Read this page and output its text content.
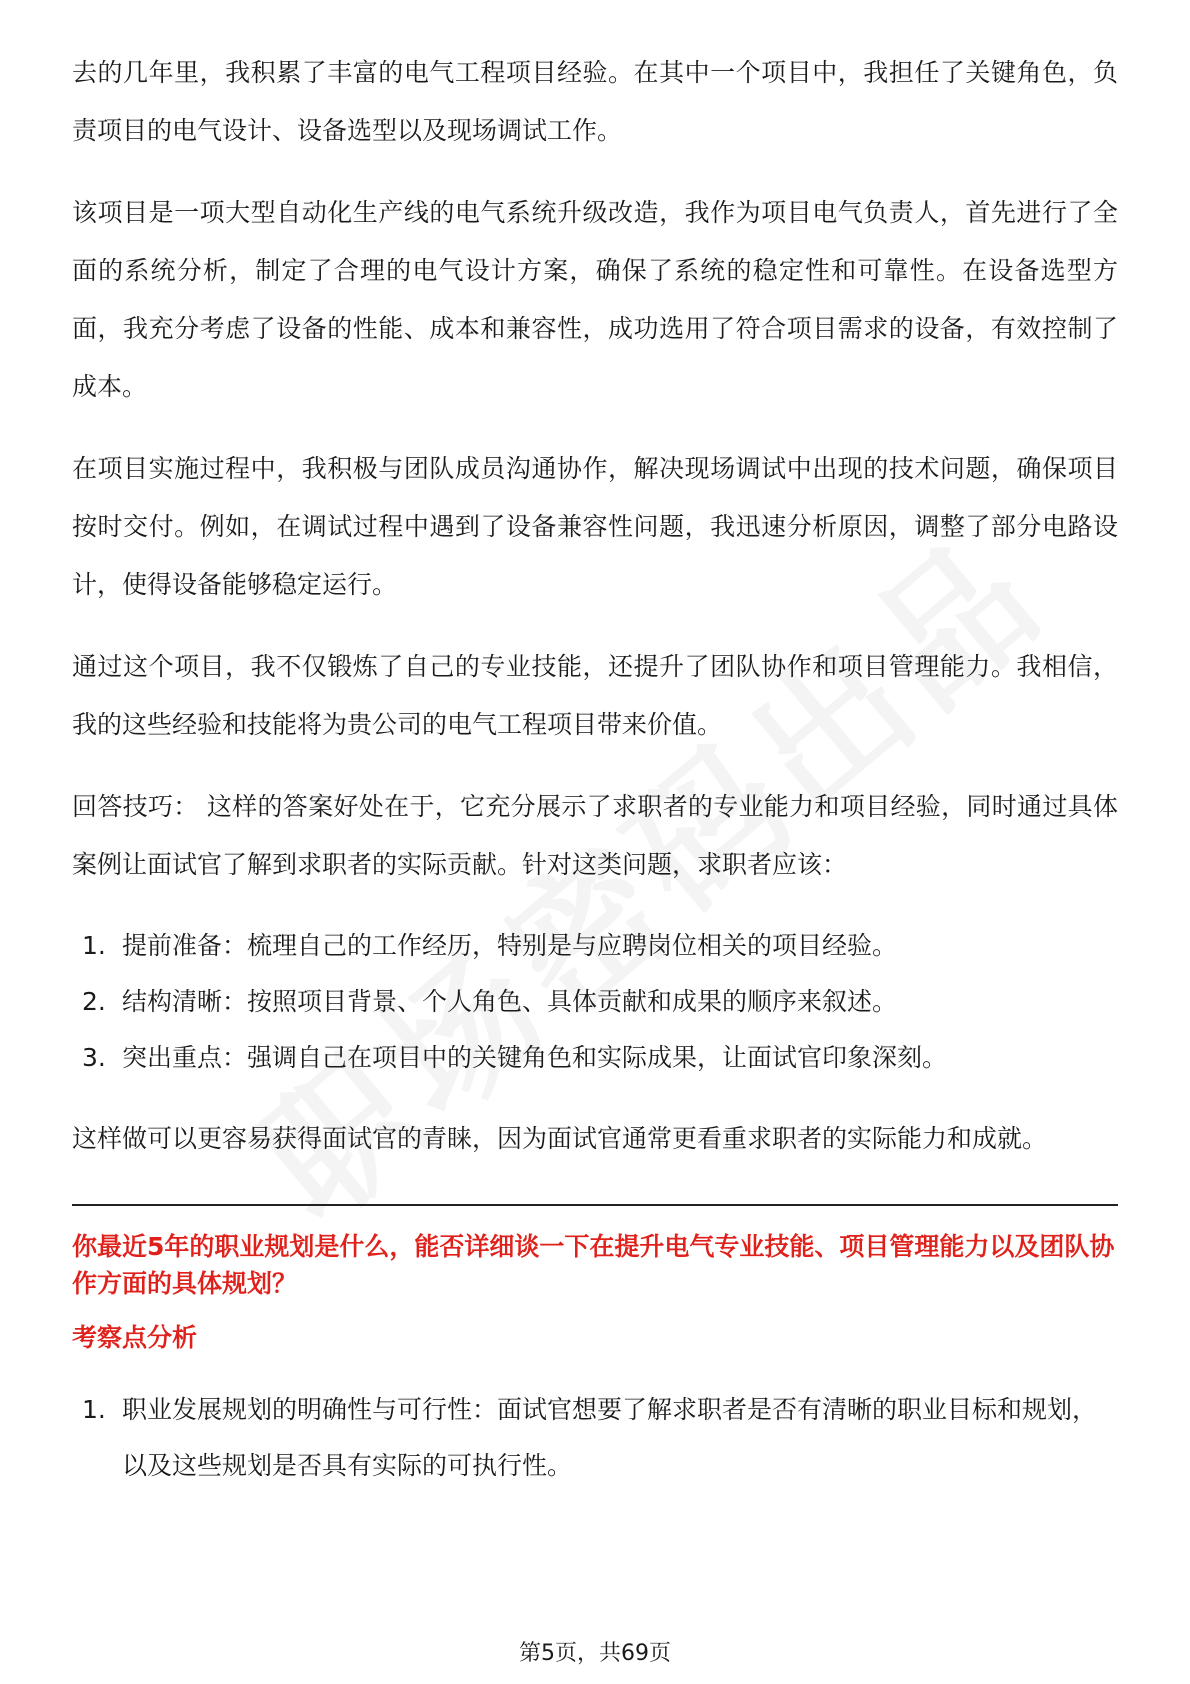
去的几年里，我积累了丰富的电气工程项目经验。在其中一个项目中，我担任了关键角色，负责项目的电气设计、设备选型以及现场调试工作。

该项目是一项大型自动化生产线的电气系统升级改造，我作为项目电气负责人，首先进行了全面的系统分析，制定了合理的电气设计方案，确保了系统的稳定性和可靠性。在设备选型方面，我充分考虑了设备的性能、成本和兼容性，成功选用了符合项目需求的设备，有效控制了成本。

在项目实施过程中，我积极与团队成员沟通协作，解决现场调试中出现的技术问题，确保项目按时交付。例如，在调试过程中遇到了设备兼容性问题，我迅速分析原因，调整了部分电路设计，使得设备能够稳定运行。

通过这个项目，我不仅锻炼了自己的专业技能，还提升了团队协作和项目管理能力。我相信，我的这些经验和技能将为贵公司的电气工程项目带来价值。

回答技巧： 这样的答案好处在于，它充分展示了求职者的专业能力和项目经验，同时通过具体案例让面试官了解到求职者的实际贡献。针对这类问题，求职者应该：

1. 提前准备：梳理自己的工作经历，特别是与应聘岗位相关的项目经验。
2. 结构清晰：按照项目背景、个人角色、具体贡献和成果的顺序来叙述。
3. 突出重点：强调自己在项目中的关键角色和实际成果，让面试官印象深刻。

这样做可以更容易获得面试官的青睐，因为面试官通常更看重求职者的实际能力和成就。

你最近5年的职业规划是什么，能否详细谈一下在提升电气专业技能、项目管理能力以及团队协作方面的具体规划？

考察点分析

1. 职业发展规划的明确性与可行性：面试官想要了解求职者是否有清晰的职业目标和规划，以及这些规划是否具有实际的可执行性。
第5页，共69页
